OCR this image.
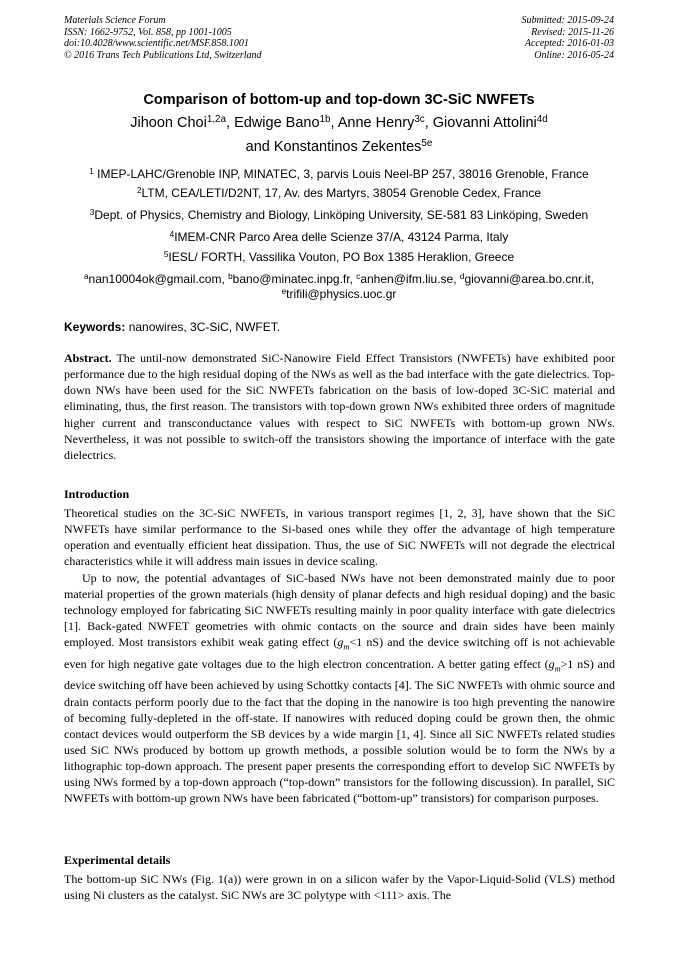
Materials Science Forum
ISSN: 1662-9752, Vol. 858, pp 1001-1005
doi:10.4028/www.scientific.net/MSF.858.1001
© 2016 Trans Tech Publications Ltd, Switzerland
Submitted: 2015-09-24
Revised: 2015-11-26
Accepted: 2016-01-03
Online: 2016-05-24
Comparison of bottom-up and top-down 3C-SiC NWFETs
Jihoon Choi$^{1,2a}$, Edwige Bano$^{1b}$, Anne Henry$^{3c}$, Giovanni Attolini$^{4d}$
and Konstantinos Zekentes$^{5e}$
$^1$ IMEP-LAHC/Grenoble INP, MINATEC, 3, parvis Louis Neel-BP 257, 38016 Grenoble, France
$^2$LTM, CEA/LETI/D2NT, 17, Av. des Martyrs, 38054 Grenoble Cedex, France
$^3$Dept. of Physics, Chemistry and Biology, Linköping University, SE-581 83 Linköping, Sweden
$^4$IMEM-CNR Parco Area delle Scienze 37/A, 43124 Parma, Italy
$^5$IESL/ FORTH, Vassilika Vouton, PO Box 1385 Heraklion, Greece
$^a$nan10004ok@gmail.com, $^b$bano@minatec.inpg.fr, $^c$anhen@ifm.liu.se, $^d$giovanni@area.bo.cnr.it,
$^e$trifili@physics.uoc.gr
Keywords: nanowires, 3C-SiC, NWFET.

Abstract. The until-now demonstrated SiC-Nanowire Field Effect Transistors (NWFETs) have exhibited poor performance due to the high residual doping of the NWs as well as the bad interface with the gate dielectrics. Top-down NWs have been used for the SiC NWFETs fabrication on the basis of low-doped 3C-SiC material and eliminating, thus, the first reason. The transistors with top-down grown NWs exhibited three orders of magnitude higher current and transconductance values with respect to SiC NWFETs with bottom-up grown NWs. Nevertheless, it was not possible to switch-off the transistors showing the importance of interface with the gate dielectrics.

Introduction

Theoretical studies on the 3C-SiC NWFETs, in various transport regimes [1, 2, 3], have shown that the SiC NWFETs have similar performance to the Si-based ones while they offer the advantage of high temperature operation and eventually efficient heat dissipation. Thus, the use of SiC NWFETs will not degrade the electrical characteristics while it will address main issues in device scaling.

Up to now, the potential advantages of SiC-based NWs have not been demonstrated mainly due to poor material properties of the grown materials (high density of planar defects and high residual doping) and the basic technology employed for fabricating SiC NWFETs resulting mainly in poor quality interface with gate dielectrics [1]. Back-gated NWFET geometries with ohmic contacts on the source and drain sides have been mainly employed. Most transistors exhibit weak gating effect ($g_m<1$ nS) and the device switching off is not achievable even for high negative gate voltages due to the high electron concentration. A better gating effect ($g_m>1$ nS) and device switching off have been achieved by using Schottky contacts [4]. The SiC NWFETs with ohmic source and drain contacts perform poorly due to the fact that the doping in the nanowire is too high preventing the nanowire of becoming fully-depleted in the off-state. If nanowires with reduced doping could be grown then, the ohmic contact devices would outperform the SB devices by a wide margin [1, 4]. Since all SiC NWFETs related studies used SiC NWs produced by bottom up growth methods, a possible solution would be to form the NWs by a lithographic top-down approach. The present paper presents the corresponding effort to develop SiC NWFETs by using NWs formed by a top-down approach (“top-down” transistors for the following discussion). In parallel, SiC NWFETs with bottom-up grown NWs have been fabricated (“bottom-up” transistors) for comparison purposes.

Experimental details

The bottom-up SiC NWs (Fig. 1(a)) were grown in on a silicon wafer by the Vapor-Liquid-Solid (VLS) method using Ni clusters as the catalyst. SiC NWs are 3C polytype with <111> axis. The
